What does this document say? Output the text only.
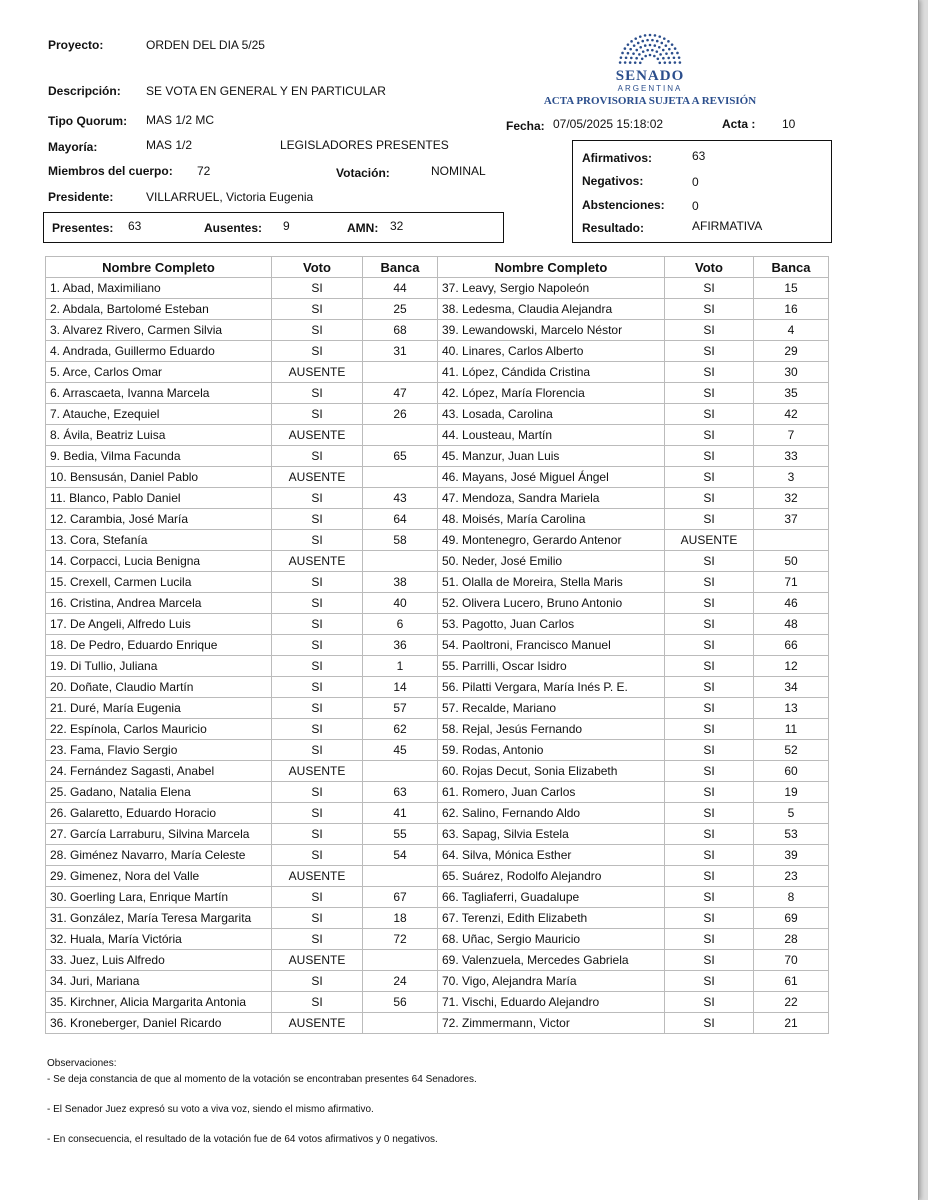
Proyecto:	ORDEN DEL DIA 5/25
Descripción: SE VOTA EN GENERAL Y EN PARTICULAR
Tipo Quorum: MAS 1/2 MC
Mayoría:	MAS 1/2	LEGISLADORES PRESENTES
Miembros del cuerpo: 72	Votación:	NOMINAL
Presidente:	VILLARRUEL, Victoria Eugenia
Fecha: 07/05/2025 15:18:02	Acta : 10
SENADO
ARGENTINA
ACTA PROVISORIA SUJETA A REVISIÓN
Presentes: 63	Ausentes: 9	AMN: 32
Afirmativos:	63
Negativos:	0
Abstenciones: 0
Resultado:	AFIRMATIVA
Nombre Completo	Voto	Banca	Nombre Completo	Voto	Banca
1. Abad, Maximiliano	SI	44	37. Leavy, Sergio Napoleón	SI	15
2. Abdala, Bartolomé Esteban	SI	25	38. Ledesma, Claudia Alejandra	SI	16
3. Alvarez Rivero, Carmen Silvia	SI	68	39. Lewandowski, Marcelo Néstor	SI	4
4. Andrada, Guillermo Eduardo	SI	31	40. Linares, Carlos Alberto	SI	29
5. Arce, Carlos Omar	AUSENTE		41. López, Cándida Cristina	SI	30
6. Arrascaeta, Ivanna Marcela	SI	47	42. López, María Florencia	SI	35
7. Atauche, Ezequiel	SI	26	43. Losada, Carolina	SI	42
8. Ávila, Beatriz Luisa	AUSENTE		44. Lousteau, Martín	SI	7
9. Bedia, Vilma Facunda	SI	65	45. Manzur, Juan Luis	SI	33
10. Bensusán, Daniel Pablo	AUSENTE		46. Mayans, José Miguel Ángel	SI	3
11. Blanco, Pablo Daniel	SI	43	47. Mendoza, Sandra Mariela	SI	32
12. Carambia, José María	SI	64	48. Moisés, María Carolina	SI	37
13. Cora, Stefanía	SI	58	49. Montenegro, Gerardo Antenor	AUSENTE	
14. Corpacci, Lucia Benigna	AUSENTE		50. Neder, José Emilio	SI	50
15. Crexell, Carmen Lucila	SI	38	51. Olalla de Moreira, Stella Maris	SI	71
16. Cristina, Andrea Marcela	SI	40	52. Olivera Lucero, Bruno Antonio	SI	46
17. De Angeli, Alfredo Luis	SI	6	53. Pagotto, Juan Carlos	SI	48
18. De Pedro, Eduardo Enrique	SI	36	54. Paoltroni, Francisco Manuel	SI	66
19. Di Tullio, Juliana	SI	1	55. Parrilli, Oscar Isidro	SI	12
20. Doñate, Claudio Martín	SI	14	56. Pilatti Vergara, María Inés P. E.	SI	34
21. Duré, María Eugenia	SI	57	57. Recalde, Mariano	SI	13
22. Espínola, Carlos Mauricio	SI	62	58. Rejal, Jesús Fernando	SI	11
23. Fama, Flavio Sergio	SI	45	59. Rodas, Antonio	SI	52
24. Fernández Sagasti, Anabel	AUSENTE		60. Rojas Decut, Sonia Elizabeth	SI	60
25. Gadano, Natalia Elena	SI	63	61. Romero, Juan Carlos	SI	19
26. Galaretto, Eduardo Horacio	SI	41	62. Salino, Fernando Aldo	SI	5
27. García Larraburu, Silvina Marcela	SI	55	63. Sapag, Silvia Estela	SI	53
28. Giménez Navarro, María Celeste	SI	54	64. Silva, Mónica Esther	SI	39
29. Gimenez, Nora del Valle	AUSENTE		65. Suárez, Rodolfo Alejandro	SI	23
30. Goerling Lara, Enrique Martín	SI	67	66. Tagliaferri, Guadalupe	SI	8
31. González, María Teresa Margarita	SI	18	67. Terenzi, Edith Elizabeth	SI	69
32. Huala, María Victória	SI	72	68. Uñac, Sergio Mauricio	SI	28
33. Juez, Luis Alfredo	AUSENTE		69. Valenzuela, Mercedes Gabriela	SI	70
34. Juri, Mariana	SI	24	70. Vigo, Alejandra María	SI	61
35. Kirchner, Alicia Margarita Antonia	SI	56	71. Vischi, Eduardo Alejandro	SI	22
36. Kroneberger, Daniel Ricardo	AUSENTE		72. Zimmermann, Victor	SI	21
Observaciones:
- Se deja constancia de que al momento de la votación se encontraban presentes 64 Senadores.
- El Senador Juez expresó su voto a viva voz, siendo el mismo afirmativo.
- En consecuencia, el resultado de la votación fue de 64 votos afirmativos y 0 negativos.
